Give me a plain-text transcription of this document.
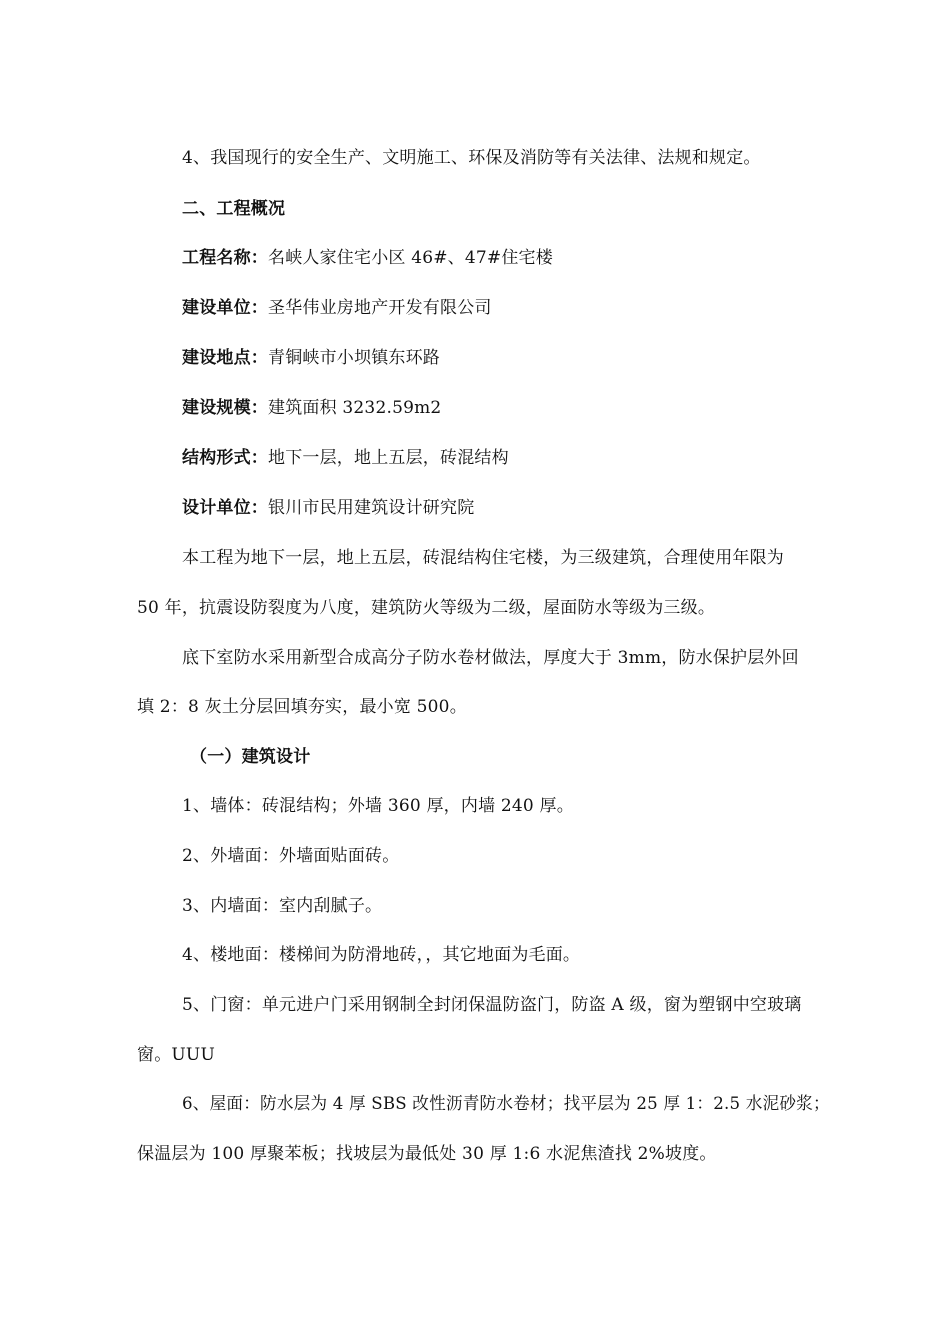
4、我国现行的安全生产、文明施工、环保及消防等有关法律、法规和规定。
二、工程概况
工程名称：名峡人家住宅小区 46#、47#住宅楼
建设单位：圣华伟业房地产开发有限公司
建设地点：青铜峡市小坝镇东环路
建设规模：建筑面积 3232.59m2
结构形式：地下一层，地上五层，砖混结构
设计单位：银川市民用建筑设计研究院
本工程为地下一层，地上五层，砖混结构住宅楼，为三级建筑，合理使用年限为
50 年，抗震设防裂度为八度，建筑防火等级为二级，屋面防水等级为三级。
底下室防水采用新型合成高分子防水卷材做法，厚度大于 3mm，防水保护层外回
填 2：8 灰土分层回填夯实，最小宽 500。
（一）建筑设计
1、墙体：砖混结构；外墙 360 厚，内墙 240 厚。
2、外墙面：外墙面贴面砖。
3、内墙面：室内刮腻子。
4、楼地面：楼梯间为防滑地砖，，其它地面为毛面。
5、门窗：单元进户门采用钢制全封闭保温防盗门，防盗 A 级，窗为塑钢中空玻璃
窗。UUU
6、屋面：防水层为 4 厚 SBS 改性沥青防水卷材；找平层为 25 厚 1：2.5 水泥砂浆；
保温层为 100 厚聚苯板；找坡层为最低处 30 厚 1:6 水泥焦渣找 2%坡度。
